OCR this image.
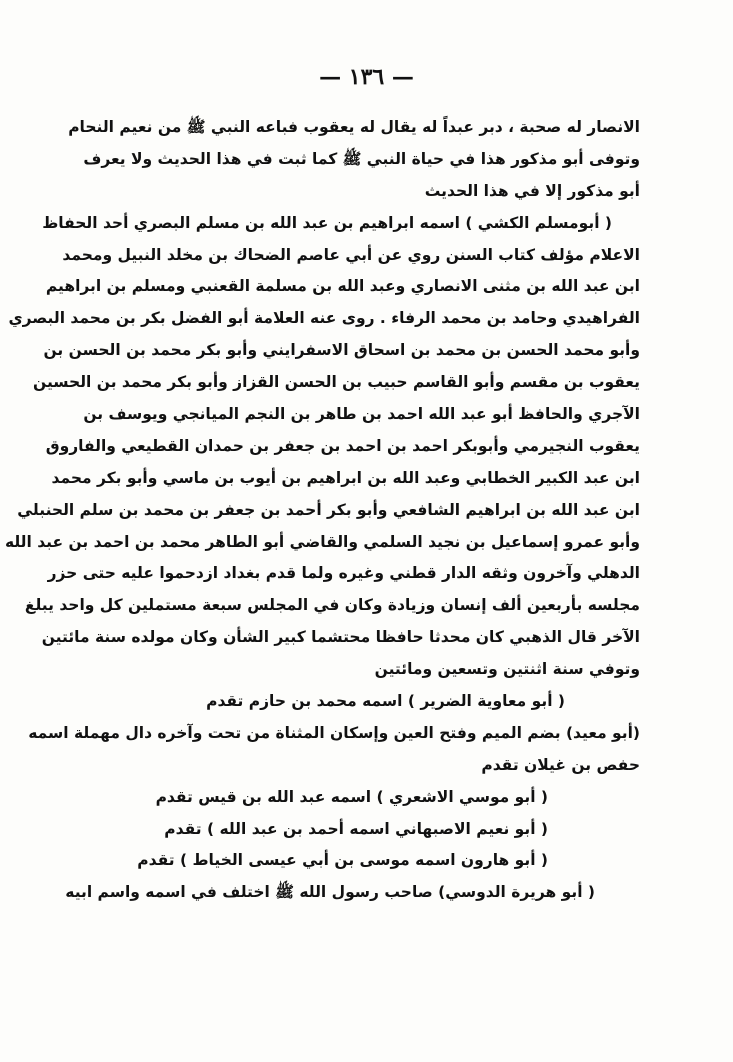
— ١٣٦ —
الانصار له صحبة ، دبر عبداً له يقال له يعقوب فباعه النبي ﷺ من نعيم النحام
وتوفى أبو مذكور هذا في حياة النبي ﷺ كما ثبت في هذا الحديث ولا يعرف
أبو مذكور إلا في هذا الحديث
( أبومسلم الكشي ) اسمه ابراهيم بن عبد الله بن مسلم البصري أحد الحفاظ
الاعلام مؤلف كتاب السنن روي عن أبي عاصم الضحاك بن مخلد النبيل ومحمد
ابن عبد الله بن مثنى الانصاري وعبد الله بن مسلمة القعنبي ومسلم بن ابراهيم
الفراهيدي وحامد بن محمد الرفاء . روى عنه العلامة أبو الفضل بكر بن محمد البصري
وأبو محمد الحسن بن محمد بن اسحاق الاسفرايني وأبو بكر محمد بن الحسن بن
يعقوب بن مقسم وأبو القاسم حبيب بن الحسن القزاز وأبو بكر محمد بن الحسين
الآجري والحافظ أبو عبد الله احمد بن طاهر بن النجم الميانجي ويوسف بن
يعقوب النجيرمي وأبوبكر احمد بن احمد بن جعفر بن حمدان القطيعي والفاروق
ابن عبد الكبير الخطابي وعبد الله بن ابراهيم بن أيوب بن ماسي وأبو بكر محمد
ابن عبد الله بن ابراهيم الشافعي وأبو بكر أحمد بن جعفر بن محمد بن سلم الحنبلي
وأبو عمرو إسماعيل بن نجيد السلمي والقاضي أبو الطاهر محمد بن احمد بن عبد الله
الدهلي وآخرون وثقه الدار قطني وغيره ولما قدم بغداد ازدحموا عليه حتى حزر
مجلسه بأربعين ألف إنسان وزيادة وكان في المجلس سبعة مستملين كل واحد يبلغ
الآخر قال الذهبي كان محدثا حافظا محتشما كبير الشأن وكان مولده سنة مائتين
وتوفي سنة اثنتين وتسعين ومائتين
( أبو معاوية الضرير ) اسمه محمد بن حازم تقدم
(أبو معيد) بضم الميم وفتح العين وإسكان المثناة من تحت وآخره دال مهملة اسمه
حفص بن غيلان تقدم
( أبو موسي الاشعري ) اسمه عبد الله بن قيس تقدم
( أبو نعيم الاصبهاني اسمه أحمد بن عبد الله ) تقدم
( أبو هارون اسمه موسى بن أبي عيسى الخياط ) تقدم
( أبو هريرة الدوسي) صاحب رسول الله ﷺ اختلف في اسمه واسم ابيه
